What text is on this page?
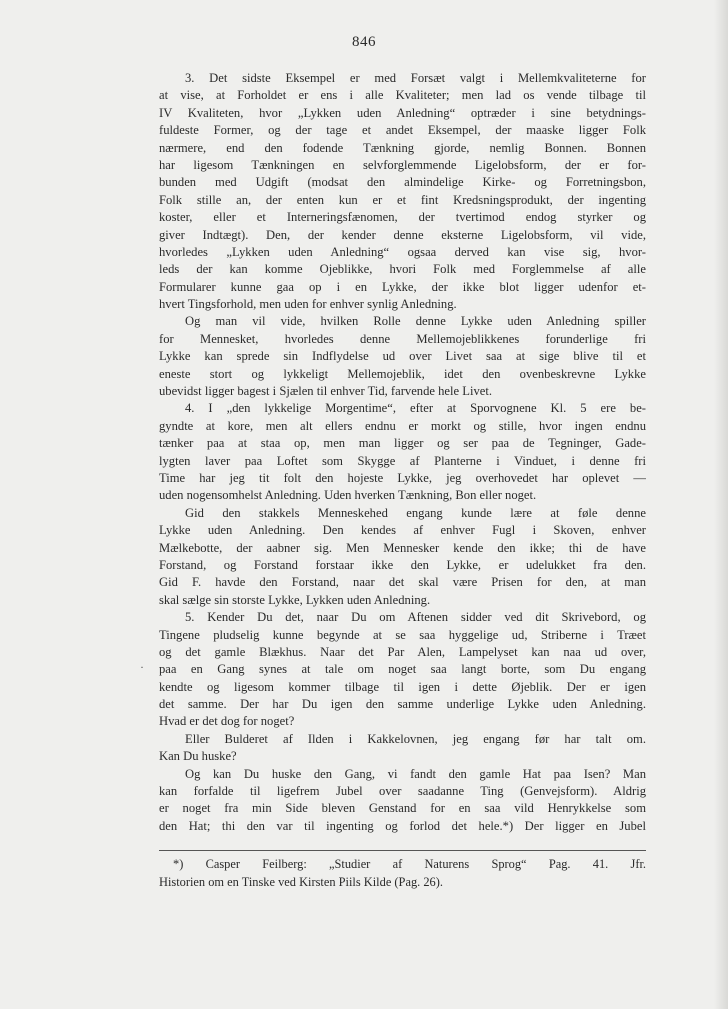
846
·
3. Det sidste Eksempel er med Forsæt valgt i Mellemkvaliteterne for
at vise, at Forholdet er ens i alle Kvaliteter; men lad os vende tilbage til
IV Kvaliteten, hvor „Lykken uden Anledning“ optræder i sine betydnings-
fuldeste Former, og der tage et andet Eksempel, der maaske ligger Folk
nærmere, end den fodende Tænkning gjorde, nemlig Bonnen. Bonnen
har ligesom Tænkningen en selvforglemmende Ligelobsform, der er for-
bunden med Udgift (modsat den almindelige Kirke- og Forretningsbon,
Folk stille an, der enten kun er et fint Kredsningsprodukt, der ingenting
koster, eller et Interneringsfænomen, der tvertimod endog styrker og
giver Indtægt). Den, der kender denne eksterne Ligelobsform, vil vide,
hvorledes „Lykken uden Anledning“ ogsaa derved kan vise sig, hvor-
leds der kan komme Ojeblikke, hvori Folk med Forglemmelse af alle
Formularer kunne gaa op i en Lykke, der ikke blot ligger udenfor et-
hvert Tingsforhold, men uden for enhver synlig Anledning.
Og man vil vide, hvilken Rolle denne Lykke uden Anledning spiller
for Mennesket, hvorledes denne Mellemojeblikkenes forunderlige fri
Lykke kan sprede sin Indflydelse ud over Livet saa at sige blive til et
eneste stort og lykkeligt Mellemojeblik, idet den ovenbeskrevne Lykke
ubevidst ligger bagest i Sjælen til enhver Tid, farvende hele Livet.
4. I „den lykkelige Morgentime“, efter at Sporvognene Kl. 5 ere be-
gyndte at kore, men alt ellers endnu er morkt og stille, hvor ingen endnu
tænker paa at staa op, men man ligger og ser paa de Tegninger, Gade-
lygten laver paa Loftet som Skygge af Planterne i Vinduet, i denne fri
Time har jeg tit folt den hojeste Lykke, jeg overhovedet har oplevet —
uden nogensomhelst Anledning. Uden hverken Tænkning, Bon eller noget.
Gid den stakkels Menneskehed engang kunde lære at føle denne
Lykke uden Anledning. Den kendes af enhver Fugl i Skoven, enhver
Mælkebotte, der aabner sig. Men Mennesker kende den ikke; thi de have
Forstand, og Forstand forstaar ikke den Lykke, er udelukket fra den.
Gid F. havde den Forstand, naar det skal være Prisen for den, at man
skal sælge sin storste Lykke, Lykken uden Anledning.
5. Kender Du det, naar Du om Aftenen sidder ved dit Skrivebord, og
Tingene pludselig kunne begynde at se saa hyggelige ud, Striberne i Træet
og det gamle Blækhus. Naar det Par Alen, Lampelyset kan naa ud over,
paa en Gang synes at tale om noget saa langt borte, som Du engang
kendte og ligesom kommer tilbage til igen i dette Øjeblik. Der er igen
det samme. Der har Du igen den samme underlige Lykke uden Anledning.
Hvad er det dog for noget?
Eller Bulderet af Ilden i Kakkelovnen, jeg engang før har talt om.
Kan Du huske?
Og kan Du huske den Gang, vi fandt den gamle Hat paa Isen? Man
kan forfalde til ligefrem Jubel over saadanne Ting (Genvejsform). Aldrig
er noget fra min Side bleven Genstand for en saa vild Henrykkelse som
den Hat; thi den var til ingenting og forlod det hele.*) Der ligger en Jubel
*) Casper Feilberg: „Studier af Naturens Sprog“ Pag. 41. Jfr.
Historien om en Tinske ved Kirsten Piils Kilde (Pag. 26).
